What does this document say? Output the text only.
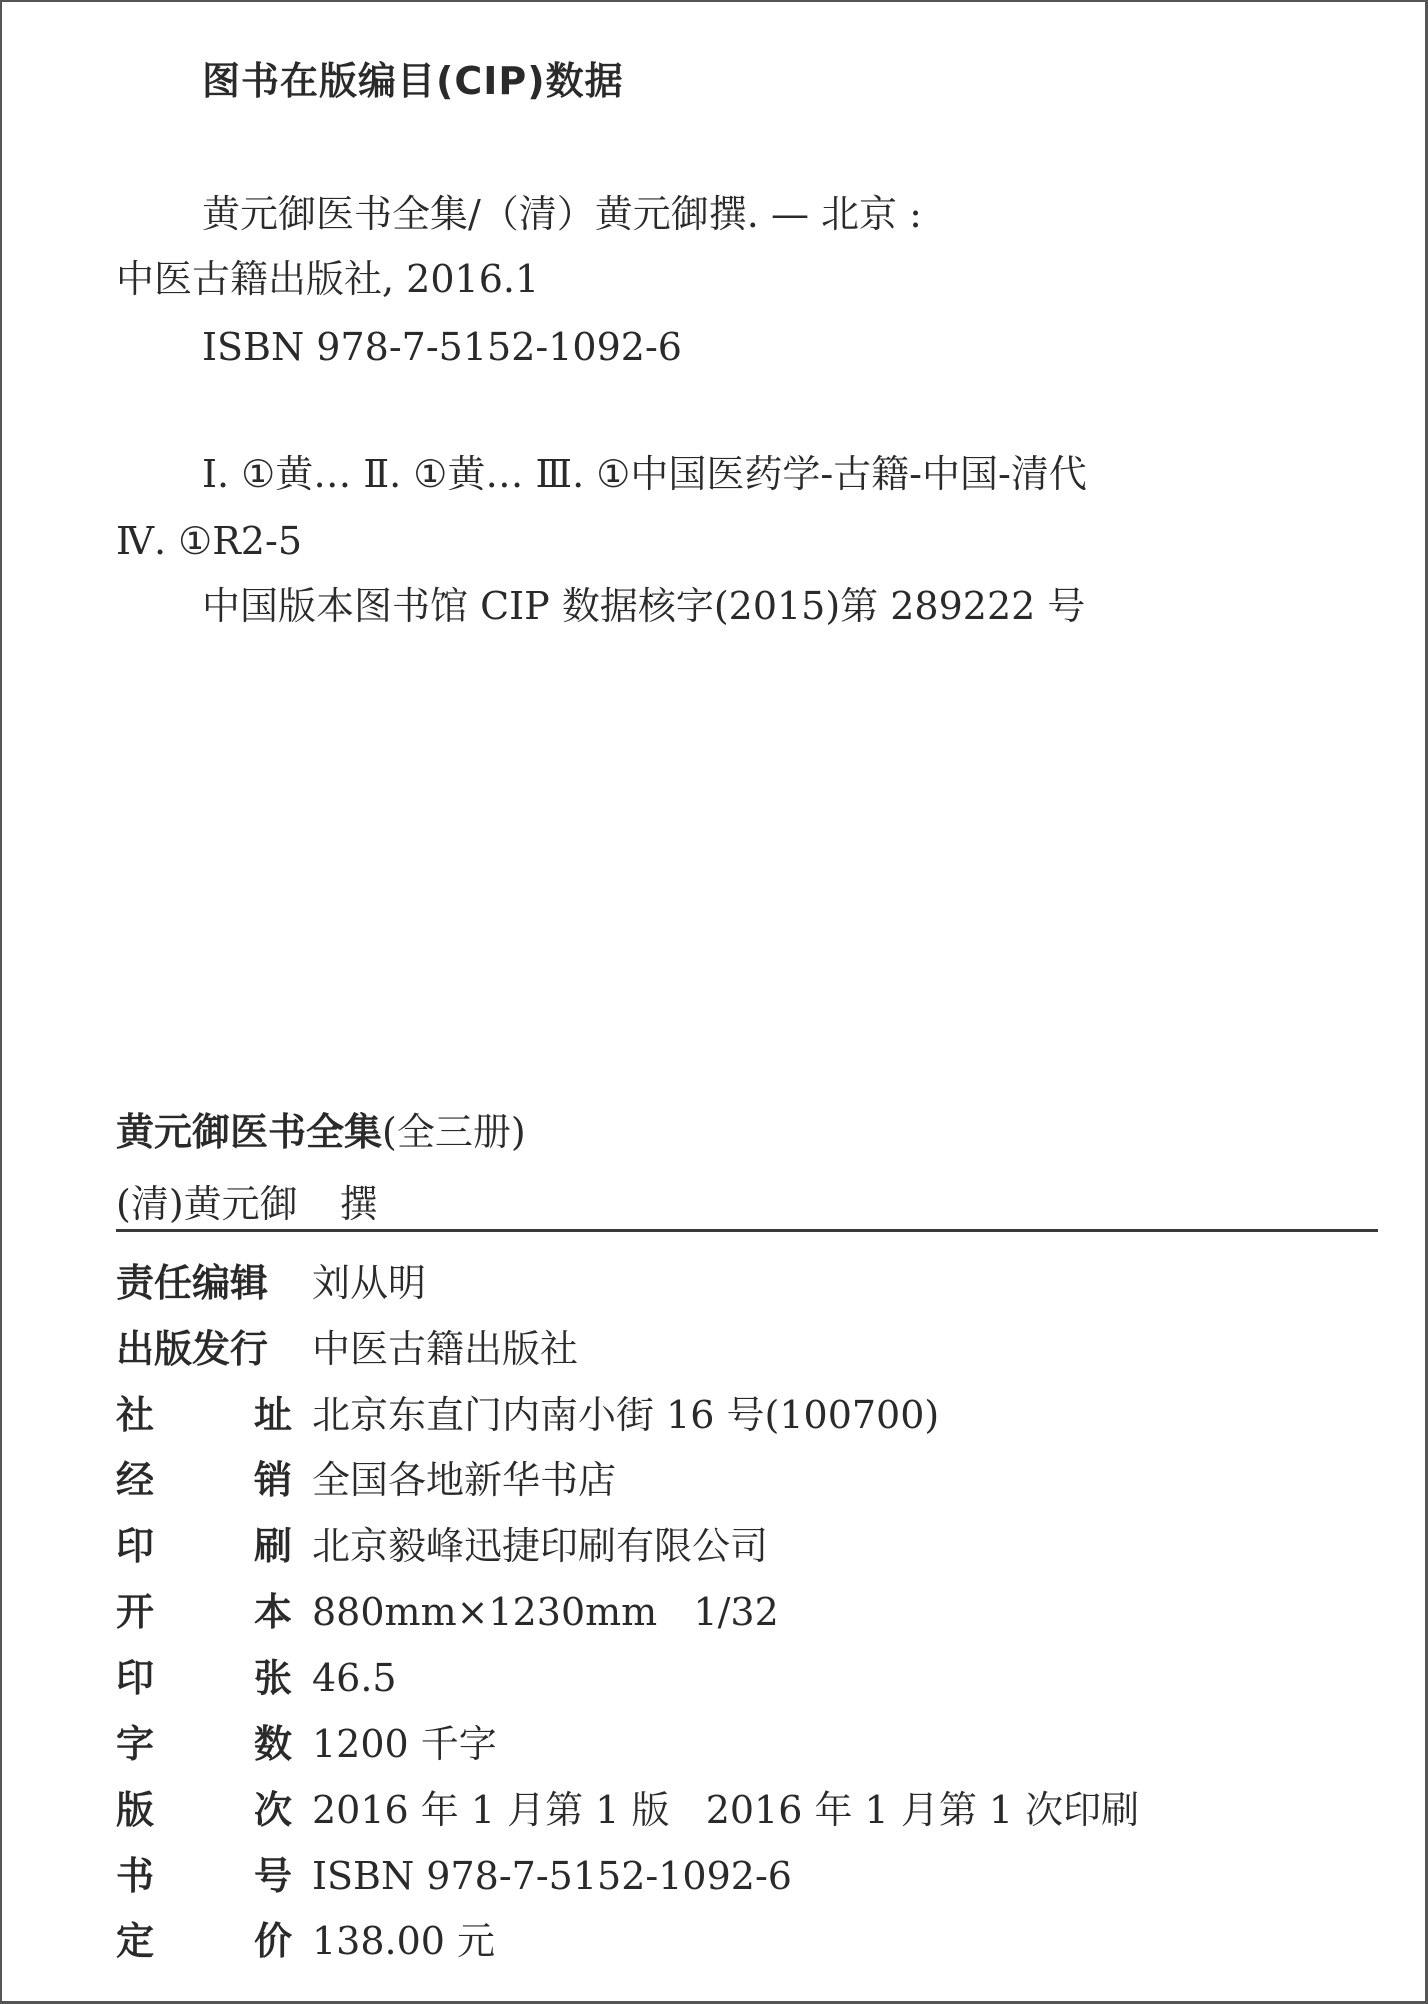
图书在版编目(CIP)数据
黄元御医书全集/（清）黄元御撰. — 北京 :
中医古籍出版社, 2016.1
ISBN 978-7-5152-1092-6
Ⅰ. ①黄… Ⅱ. ①黄… Ⅲ. ①中国医药学-古籍-中国-清代
Ⅳ. ①R2-5
中国版本图书馆 CIP 数据核字(2015)第 289222 号
黄元御医书全集(全三册)
(清)黄元御 撰
责任编辑 刘从明
出版发行 中医古籍出版社
社	址 北京东直门内南小街 16 号(100700)
经	销 全国各地新华书店
印	刷 北京毅峰迅捷印刷有限公司
开	本 880mm×1230mm   1/32
印	张 46.5
字	数 1200 千字
版	次 2016 年 1 月第 1 版   2016 年 1 月第 1 次印刷
书	号 ISBN 978-7-5152-1092-6
定	价 138.00 元
